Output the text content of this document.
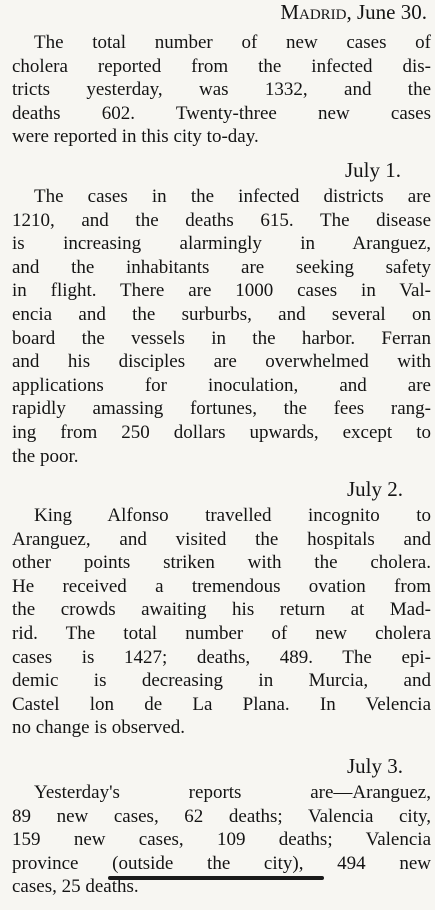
Madrid, June 30.
The total number of new cases of
cholera reported from the infected dis-
tricts yesterday, was 1332, and the
deaths 602. Twenty-three new cases
were reported in this city to-day.
July 1.
The cases in the infected districts are
1210, and the deaths 615. The disease
is increasing alarmingly in Aranguez,
and the inhabitants are seeking safety
in flight. There are 1000 cases in Val-
encia and the surburbs, and several on
board the vessels in the harbor. Ferran
and his disciples are overwhelmed with
applications for inoculation, and are
rapidly amassing fortunes, the fees rang-
ing from 250 dollars upwards, except to
the poor.
July 2.
King Alfonso travelled incognito to
Aranguez, and visited the hospitals and
other points striken with the cholera.
He received a tremendous ovation from
the crowds awaiting his return at Mad-
rid. The total number of new cholera
cases is 1427; deaths, 489. The epi-
demic is decreasing in Murcia, and
Castel lon de La Plana. In Velencia
no change is observed.
July 3.
Yesterday's reports are—Aranguez,
89 new cases, 62 deaths; Valencia city,
159 new cases, 109 deaths; Valencia
province (outside the city), 494 new
cases, 25 deaths.
